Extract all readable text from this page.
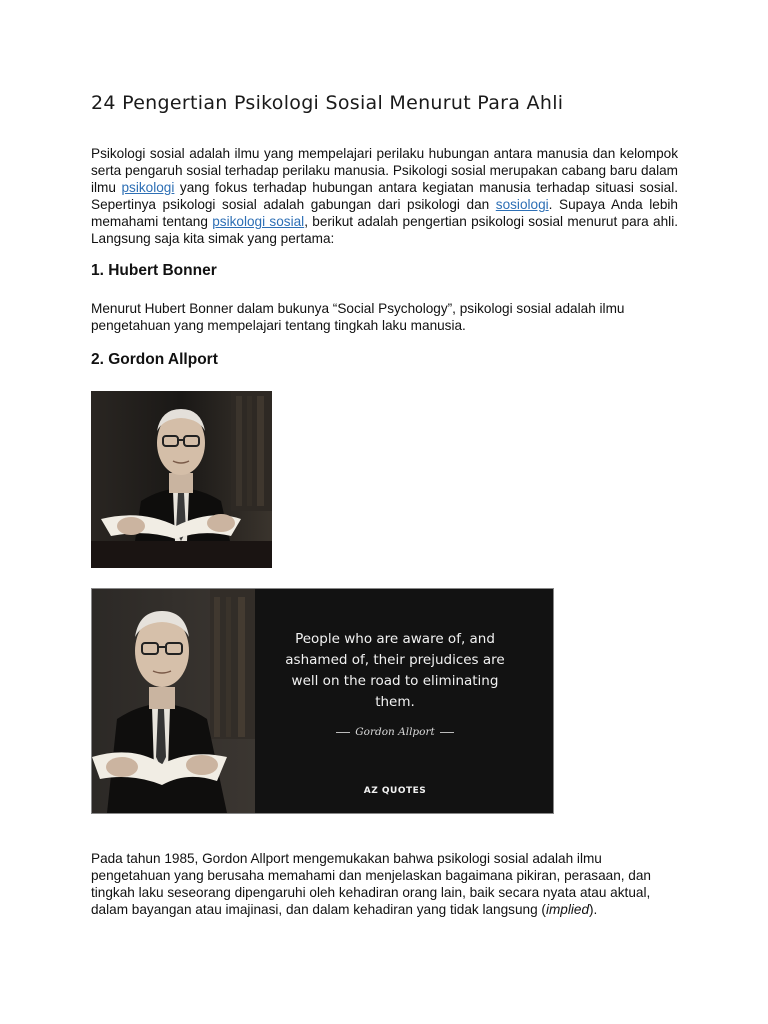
24 Pengertian Psikologi Sosial Menurut Para Ahli

Psikologi sosial adalah ilmu yang mempelajari perilaku hubungan antara manusia dan kelompok serta pengaruh sosial terhadap perilaku manusia. Psikologi sosial merupakan cabang baru dalam ilmu psikologi yang fokus terhadap hubungan antara kegiatan manusia terhadap situasi sosial. Sepertinya psikologi sosial adalah gabungan dari psikologi dan sosiologi. Supaya Anda lebih memahami tentang psikologi sosial, berikut adalah pengertian psikologi sosial menurut para ahli. Langsung saja kita simak yang pertama:

1. Hubert Bonner

Menurut Hubert Bonner dalam bukunya “Social Psychology”, psikologi sosial adalah ilmu pengetahuan yang mempelajari tentang tingkah laku manusia.

2. Gordon Allport

People who are aware of, and ashamed of, their prejudices are well on the road to eliminating them.

Gordon Allport
AZ QUOTES

Pada tahun 1985, Gordon Allport mengemukakan bahwa psikologi sosial adalah ilmu pengetahuan yang berusaha memahami dan menjelaskan bagaimana pikiran, perasaan, dan tingkah laku seseorang dipengaruhi oleh kehadiran orang lain, baik secara nyata atau aktual, dalam bayangan atau imajinasi, dan dalam kehadiran yang tidak langsung (implied).
